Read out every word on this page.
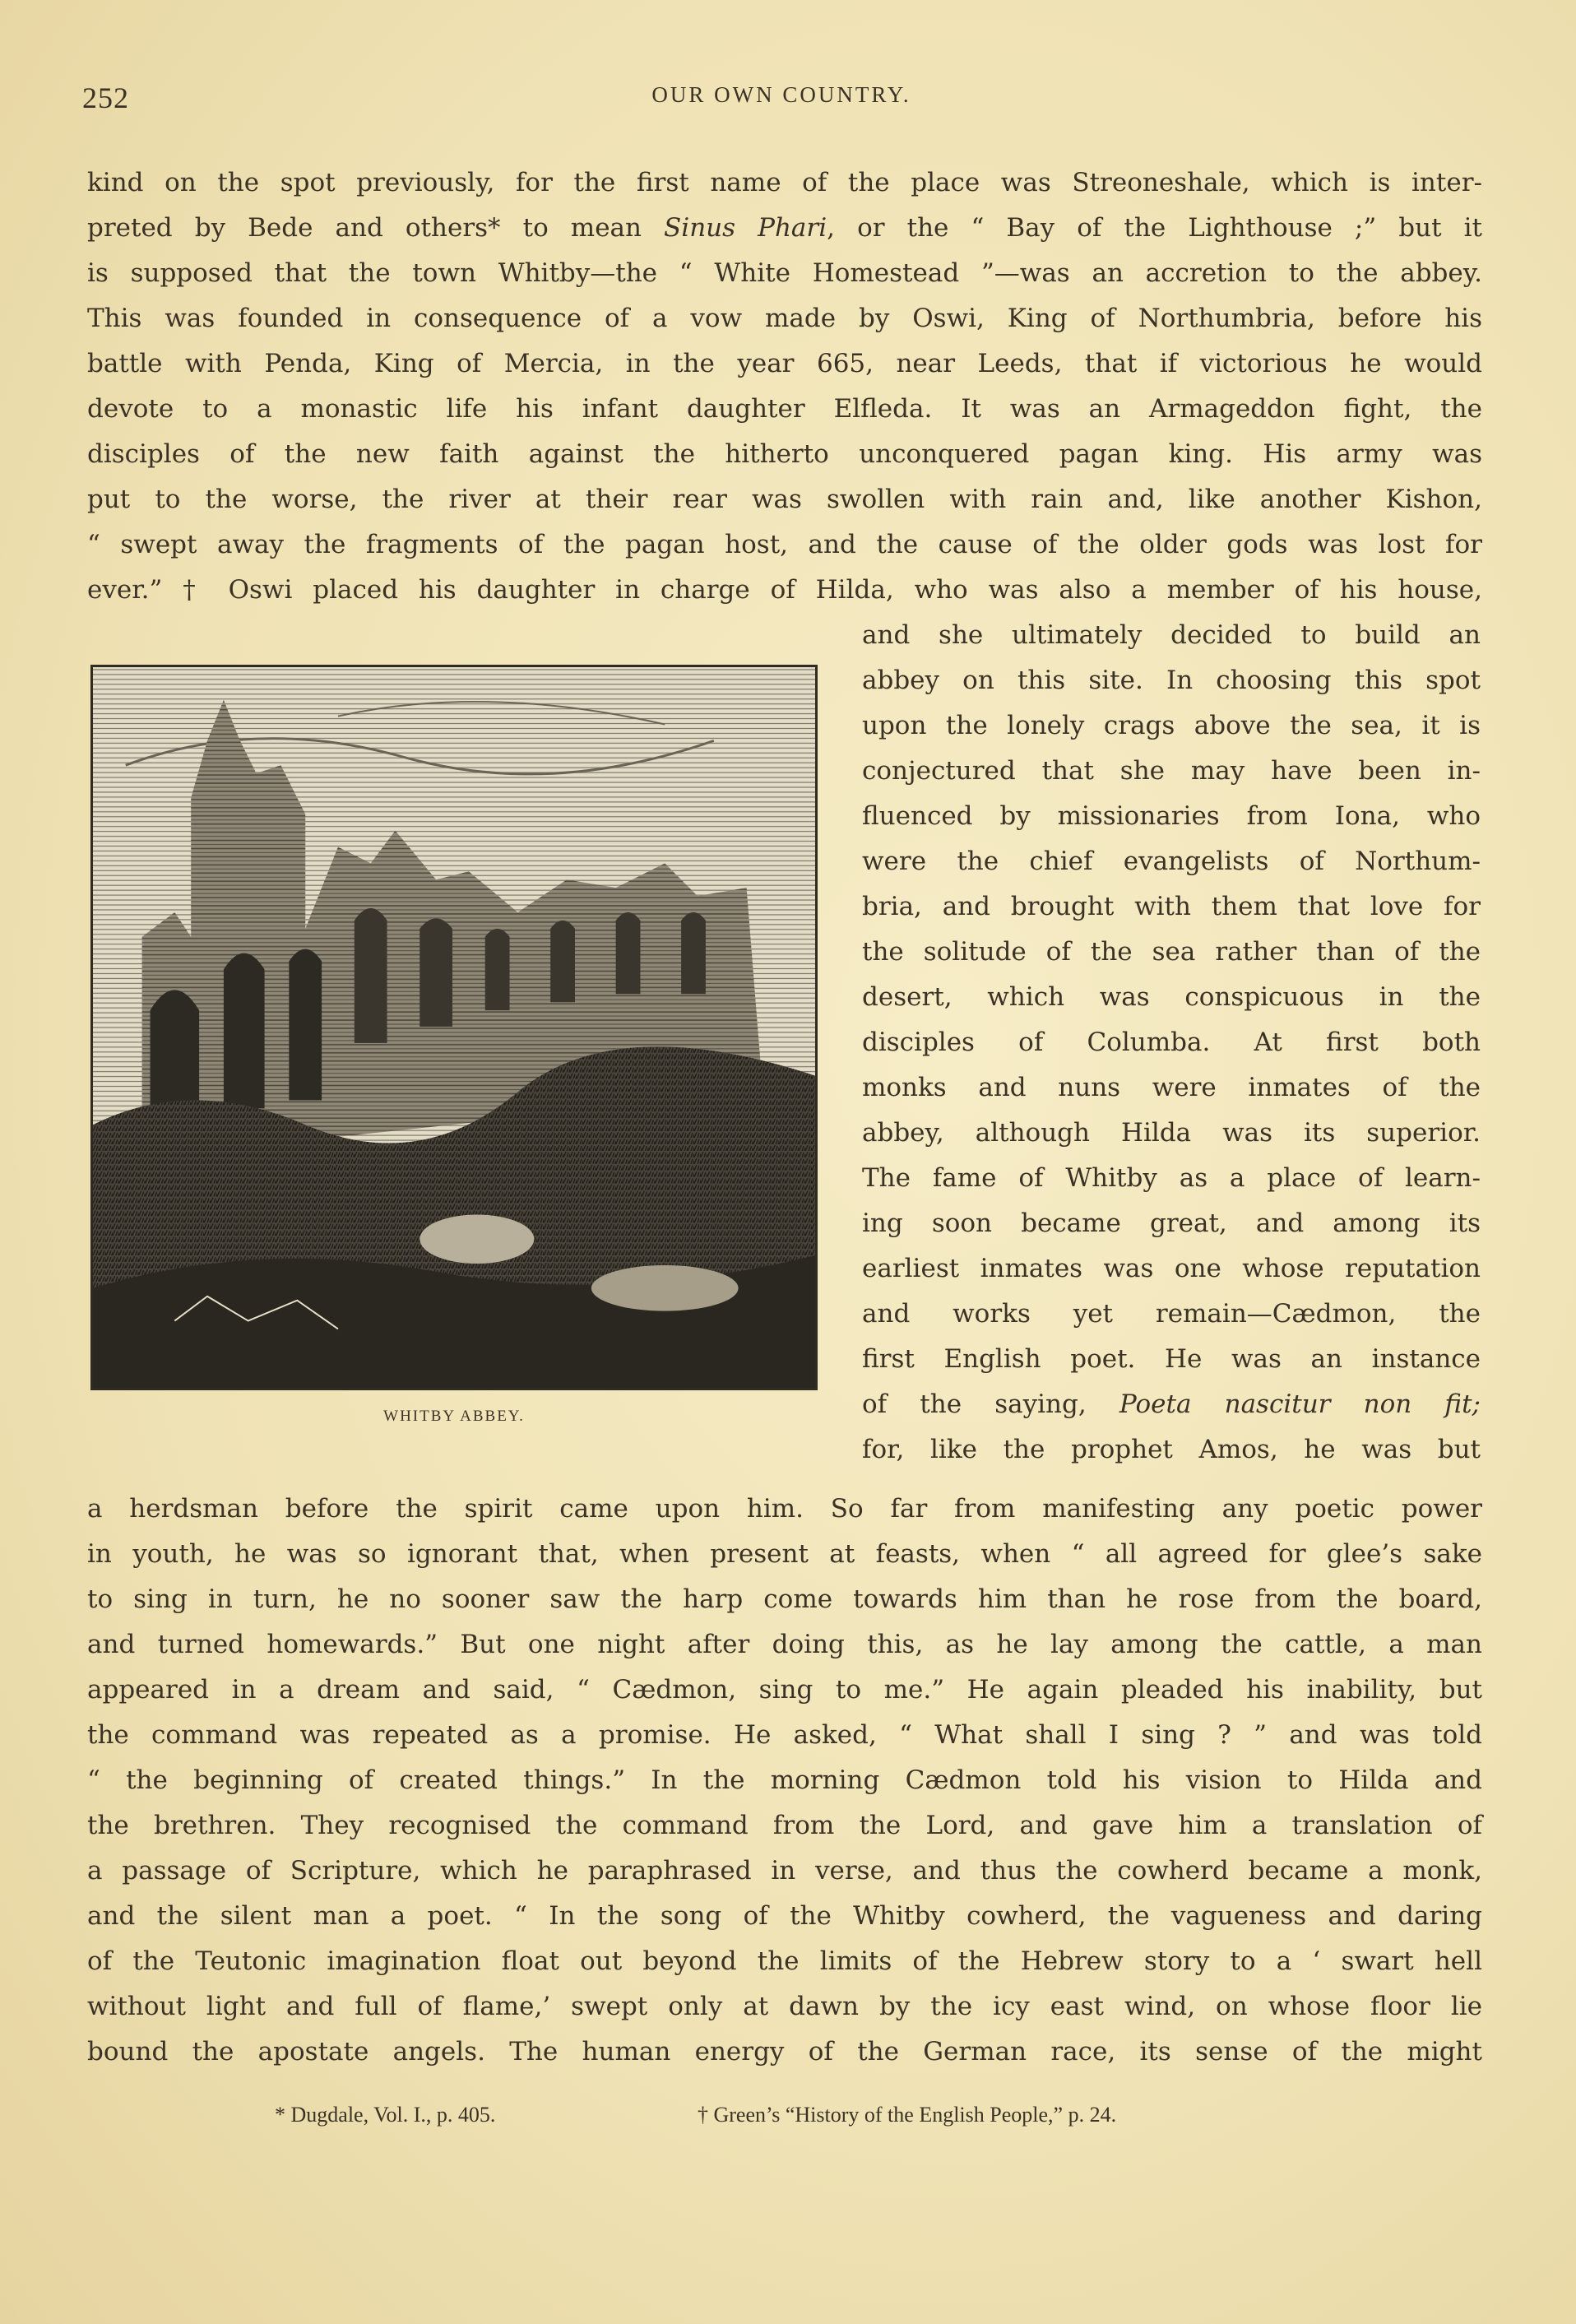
252	OUR OWN COUNTRY.
kind on the spot previously, for the first name of the place was Streoneshale, which is inter-
preted by Bede and others* to mean Sinus Phari, or the “ Bay of the Lighthouse ;” but it
is supposed that the town Whitby—the “ White Homestead ”—was an accretion to the abbey.
This was founded in consequence of a vow made by Oswi, King of Northumbria, before his
battle with Penda, King of Mercia, in the year 665, near Leeds, that if victorious he would
devote to a monastic life his infant daughter Elfleda. It was an Armageddon fight, the
disciples of the new faith against the hitherto unconquered pagan king. His army was
put to the worse, the river at their rear was swollen with rain and, like another Kishon,
“ swept away the fragments of the pagan host, and the cause of the older gods was lost for
ever.” † Oswi placed his daughter in charge of Hilda, who was also a member of his house,
WHITBY ABBEY.
and she ultimately decided to build an
abbey on this site. In choosing this spot
upon the lonely crags above the sea, it is
conjectured that she may have been in-
fluenced by missionaries from Iona, who
were the chief evangelists of Northum-
bria, and brought with them that love for
the solitude of the sea rather than of the
desert, which was conspicuous in the
disciples of Columba. At first both
monks and nuns were inmates of the
abbey, although Hilda was its superior.
The fame of Whitby as a place of learn-
ing soon became great, and among its
earliest inmates was one whose reputation
and works yet remain—Cædmon, the
first English poet. He was an instance
of the saying, Poeta nascitur non fit;
for, like the prophet Amos, he was but
a herdsman before the spirit came upon him. So far from manifesting any poetic power
in youth, he was so ignorant that, when present at feasts, when “ all agreed for glee’s sake
to sing in turn, he no sooner saw the harp come towards him than he rose from the board,
and turned homewards.” But one night after doing this, as he lay among the cattle, a man
appeared in a dream and said, “ Cædmon, sing to me.” He again pleaded his inability, but
the command was repeated as a promise. He asked, “ What shall I sing ? ” and was told
“ the beginning of created things.” In the morning Cædmon told his vision to Hilda and
the brethren. They recognised the command from the Lord, and gave him a translation of
a passage of Scripture, which he paraphrased in verse, and thus the cowherd became a monk,
and the silent man a poet. “ In the song of the Whitby cowherd, the vagueness and daring
of the Teutonic imagination float out beyond the limits of the Hebrew story to a ‘ swart hell
without light and full of flame,’ swept only at dawn by the icy east wind, on whose floor lie
bound the apostate angels. The human energy of the German race, its sense of the might
* Dugdale, Vol. I., p. 405.	† Green’s “History of the English People,” p. 24.
